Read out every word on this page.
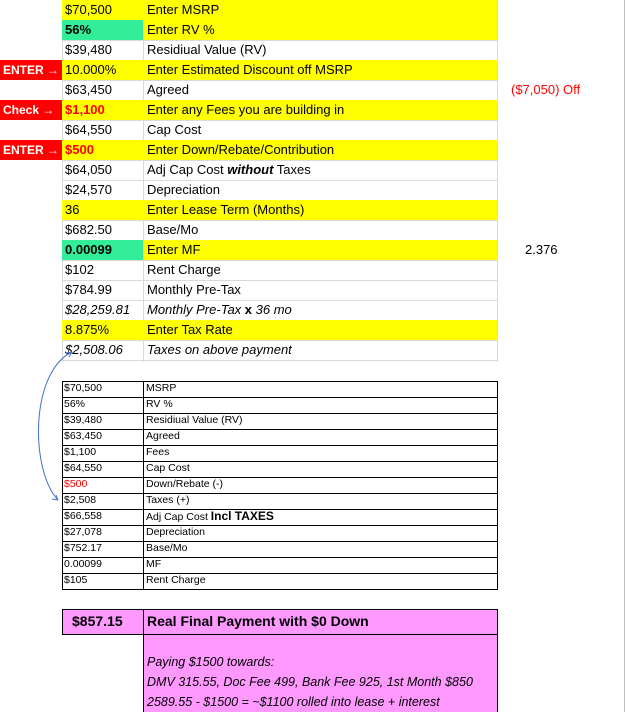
$70,500	Enter MSRP
56%	Enter RV %
$39,480	Residiual Value (RV)
ENTER → 10.000%	Enter Estimated Discount off MSRP
$63,450	Agreed	($7,050) Off
Check → $1,100	Enter any Fees you are building in
$64,550	Cap Cost
ENTER → $500	Enter Down/Rebate/Contribution
$64,050	Adj Cap Cost without Taxes
$24,570	Depreciation
36	Enter Lease Term (Months)
$682.50	Base/Mo
0.00099	Enter MF	2.376
$102	Rent Charge
$784.99	Monthly Pre-Tax
$28,259.81	Monthly Pre-Tax x 36 mo
8.875%	Enter Tax Rate
$2,508.06	Taxes on above payment
$70,500	MSRP
56%	RV %
$39,480	Residiual Value (RV)
$63,450	Agreed
$1,100	Fees
$64,550	Cap Cost
$500	Down/Rebate (-)
$2,508	Taxes (+)
$66,558	Adj Cap Cost Incl TAXES
$27,078	Depreciation
$752.17	Base/Mo
0.00099	MF
$105	Rent Charge
$857.15 Real Final Payment with $0 Down
Paying $1500 towards:
DMV 315.55, Doc Fee 499, Bank Fee 925, 1st Month $850
2589.55 - $1500 = ~$1100 rolled into lease + interest
